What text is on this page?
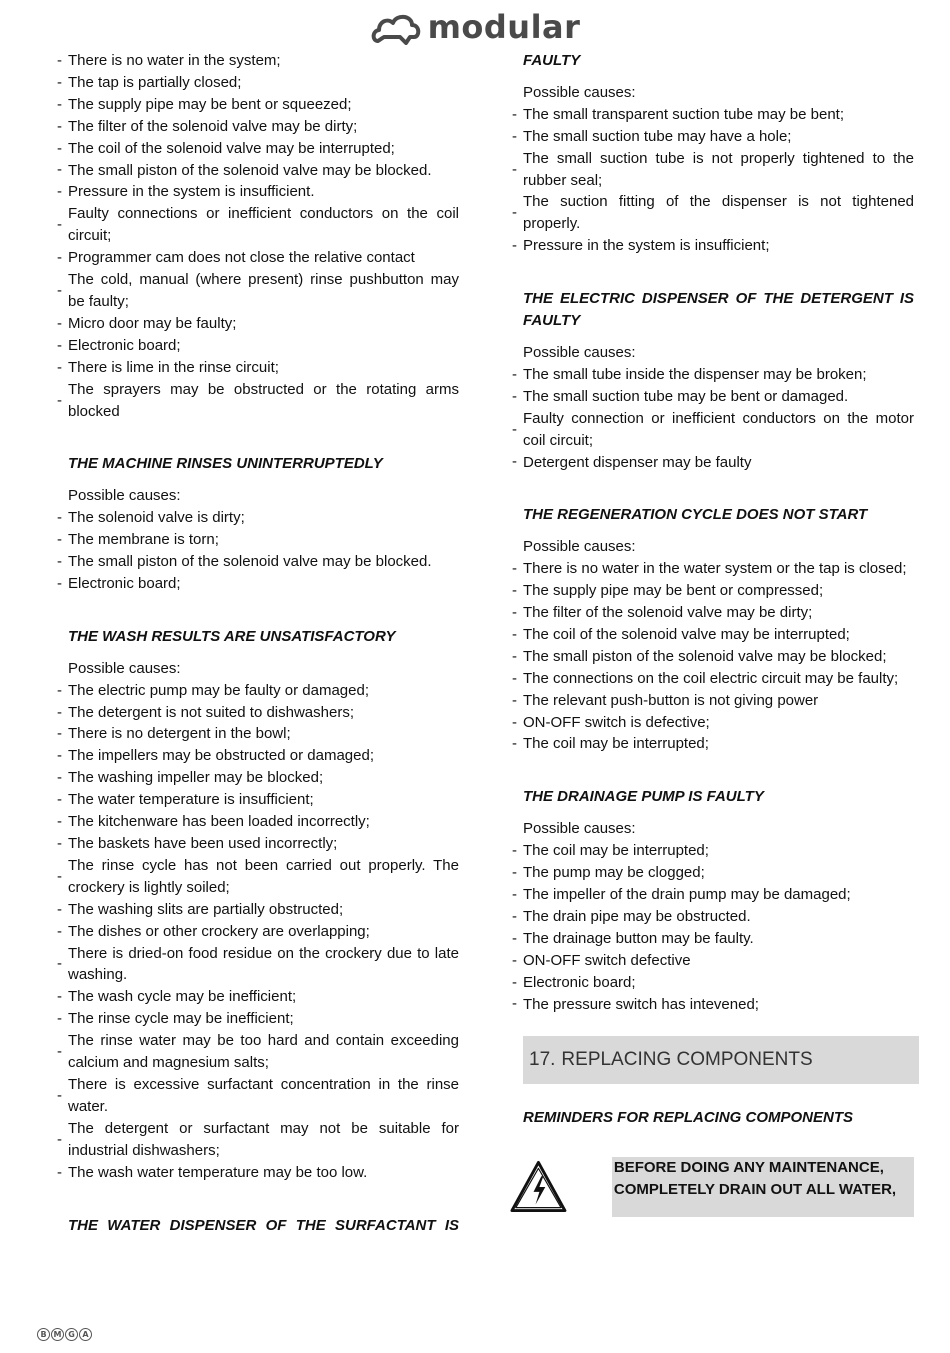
modular
- There is no water in the system;
- The tap is partially closed;
- The supply pipe may be bent or squeezed;
- The filter of the solenoid valve may be dirty;
- The coil of the solenoid valve may be interrupted;
- The small piston of the solenoid valve may be blocked.
- Pressure in the system is insufficient.
- Faulty connections or inefficient conductors on the coil circuit;
- Programmer cam does not close the relative contact
- The cold, manual (where present) rinse pushbutton may be faulty;
- Micro door may be faulty;
- Electronic board;
- There is lime in the rinse circuit;
- The sprayers may be obstructed or the rotating arms blocked
THE MACHINE RINSES UNINTERRUPTEDLY
Possible causes:
- The solenoid valve is dirty;
- The membrane is torn;
- The small piston of the solenoid valve may be blocked.
- Electronic board;
THE WASH RESULTS ARE UNSATISFACTORY
Possible causes:
- The electric pump may be faulty or damaged;
- The detergent is not suited to dishwashers;
- There is no detergent in the bowl;
- The impellers may be obstructed or damaged;
- The washing impeller may be blocked;
- The water temperature is insufficient;
- The kitchenware has been loaded incorrectly;
- The baskets have been used incorrectly;
- The rinse cycle has not been carried out properly. The crockery is lightly soiled;
- The washing slits are partially obstructed;
- The dishes or other crockery are overlapping;
- There is dried-on food residue on the crockery due to late washing.
- The wash cycle may be inefficient;
- The rinse cycle may be inefficient;
- The rinse water may be too hard and contain exceeding calcium and magnesium salts;
- There is excessive surfactant concentration in the rinse water.
- The detergent or surfactant may not be suitable for industrial dishwashers;
- The wash water temperature may be too low.
THE WATER DISPENSER OF THE SURFACTANT IS
FAULTY
Possible causes:
- The small transparent suction tube may be bent;
- The small suction tube may have a hole;
- The small suction tube is not properly tightened to the rubber seal;
- The suction fitting of the dispenser is not tightened properly.
- Pressure in the system is insufficient;
THE ELECTRIC DISPENSER OF THE DETERGENT IS FAULTY
Possible causes:
- The small tube inside the dispenser may be broken;
- The small suction tube may be bent or damaged.
- Faulty connection or inefficient conductors on the motor coil circuit;
- Detergent dispenser may be faulty
THE REGENERATION CYCLE DOES NOT START
Possible causes:
- There is no water in the water system or the tap is closed;
- The supply pipe may be bent or compressed;
- The filter of the solenoid valve may be dirty;
- The coil of the solenoid valve may be interrupted;
- The small piston of the solenoid valve may be blocked;
- The connections on the coil electric circuit may be faulty;
- The relevant push-button is not giving power
- ON-OFF switch is defective;
- The coil may be interrupted;
THE DRAINAGE PUMP IS FAULTY
Possible causes:
- The coil may be interrupted;
- The pump may be clogged;
- The impeller of the drain pump may be damaged;
- The drain pipe may be obstructed.
- The drainage button may be faulty.
- ON-OFF switch defective
- Electronic board;
- The pressure switch has intevened;
17. REPLACING COMPONENTS
REMINDERS FOR REPLACING COMPONENTS
BEFORE DOING ANY MAINTENANCE, COMPLETELY DRAIN OUT ALL WATER,
B M G A
